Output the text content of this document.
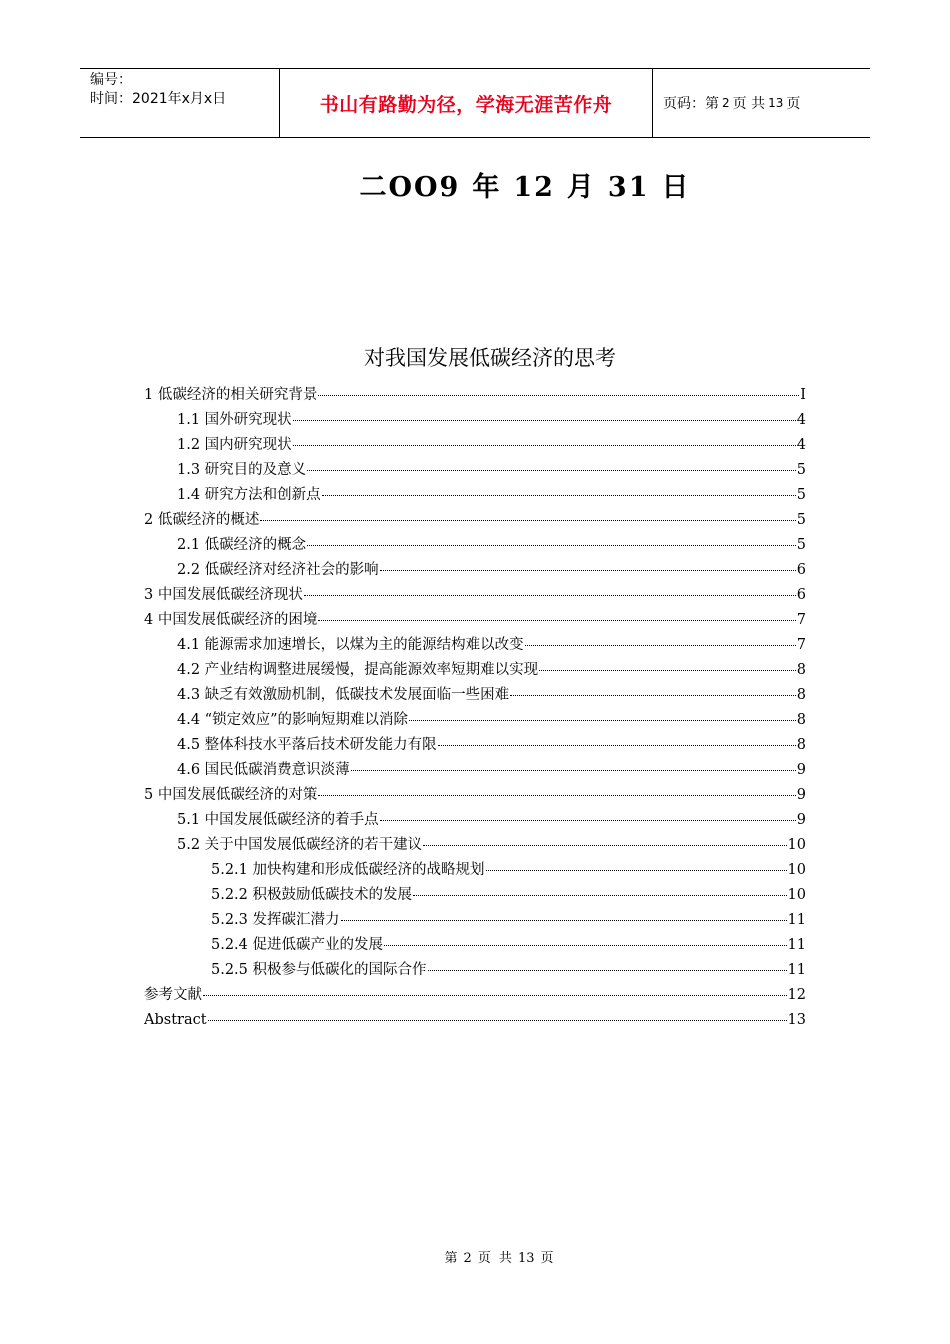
编号：
时间：2021年x月x日	书山有路勤为径，学海无涯苦作舟	页码：第 2 页 共 13 页
二OO9 年 12 月 31 日
对我国发展低碳经济的思考
1 低碳经济的相关研究背景	I
1.1 国外研究现状	4
1.2 国内研究现状	4
1.3 研究目的及意义	5
1.4 研究方法和创新点	5
2 低碳经济的概述	5
2.1 低碳经济的概念	5
2.2 低碳经济对经济社会的影响	6
3 中国发展低碳经济现状	6
4 中国发展低碳经济的困境	7
4.1 能源需求加速增长，以煤为主的能源结构难以改变	7
4.2 产业结构调整进展缓慢，提高能源效率短期难以实现	8
4.3 缺乏有效激励机制，低碳技术发展面临一些困难	8
4.4 “锁定效应”的影响短期难以消除	8
4.5 整体科技水平落后技术研发能力有限	8
4.6 国民低碳消费意识淡薄	9
5 中国发展低碳经济的对策	9
5.1 中国发展低碳经济的着手点	9
5.2 关于中国发展低碳经济的若干建议	10
5.2.1 加快构建和形成低碳经济的战略规划	10
5.2.2 积极鼓励低碳技术的发展	10
5.2.3 发挥碳汇潜力	11
5.2.4 促进低碳产业的发展	11
5.2.5 积极参与低碳化的国际合作	11
参考文献	12
Abstract	13
第 2 页 共 13 页
